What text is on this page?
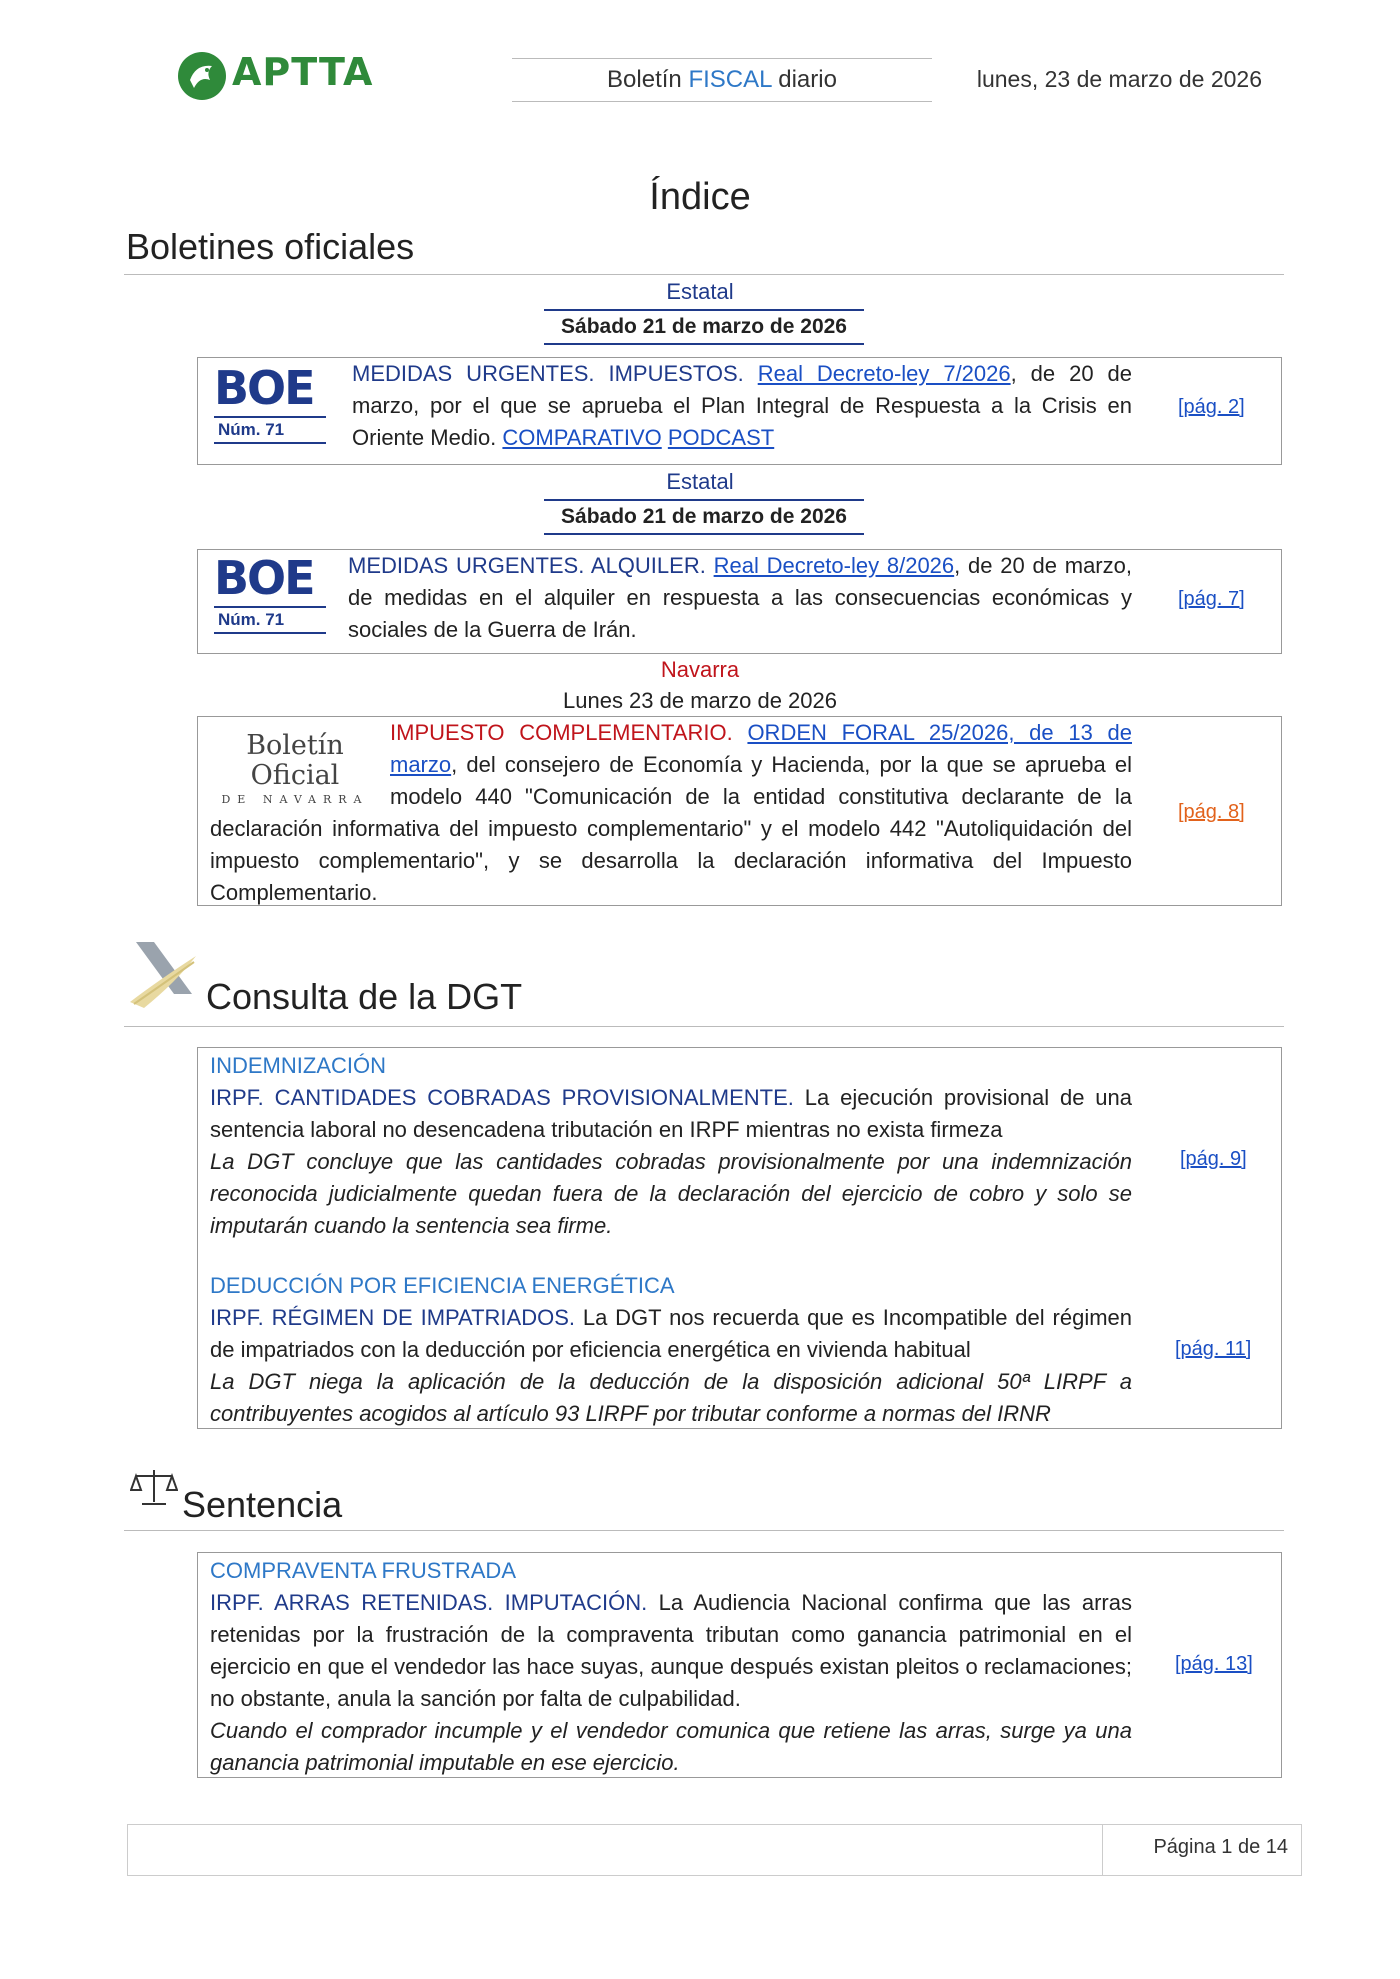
APTTA	Boletín FISCAL diario	lunes, 23 de marzo de 2026
Índice
Boletines oficiales
Estatal
Sábado 21 de marzo de 2026
BOE
Núm. 71
MEDIDAS URGENTES. IMPUESTOS. Real Decreto-ley 7/2026, de 20 de marzo, por el que se aprueba el Plan Integral de Respuesta a la Crisis en Oriente Medio. COMPARATIVO PODCAST
[pág. 2]
Estatal
Sábado 21 de marzo de 2026
BOE
Núm. 71
MEDIDAS URGENTES. ALQUILER. Real Decreto-ley 8/2026, de 20 de marzo, de medidas en el alquiler en respuesta a las consecuencias económicas y sociales de la Guerra de Irán.
[pág. 7]
Navarra
Lunes 23 de marzo de 2026
Boletín Oficial
DE NAVARRA
IMPUESTO COMPLEMENTARIO. ORDEN FORAL 25/2026, de 13 de marzo, del consejero de Economía y Hacienda, por la que se aprueba el modelo 440 "Comunicación de la entidad constitutiva declarante de la declaración informativa del impuesto complementario" y el modelo 442 "Autoliquidación del impuesto complementario", y se desarrolla la declaración informativa del Impuesto Complementario.
[pág. 8]
Consulta de la DGT
INDEMNIZACIÓN
IRPF. CANTIDADES COBRADAS PROVISIONALMENTE. La ejecución provisional de una sentencia laboral no desencadena tributación en IRPF mientras no exista firmeza
La DGT concluye que las cantidades cobradas provisionalmente por una indemnización reconocida judicialmente quedan fuera de la declaración del ejercicio de cobro y solo se imputarán cuando la sentencia sea firme.
[pág. 9]
DEDUCCIÓN POR EFICIENCIA ENERGÉTICA
IRPF. RÉGIMEN DE IMPATRIADOS. La DGT nos recuerda que es Incompatible del régimen de impatriados con la deducción por eficiencia energética en vivienda habitual
La DGT niega la aplicación de la deducción de la disposición adicional 50ª LIRPF a contribuyentes acogidos al artículo 93 LIRPF por tributar conforme a normas del IRNR
[pág. 11]
Sentencia
COMPRAVENTA FRUSTRADA
IRPF. ARRAS RETENIDAS. IMPUTACIÓN. La Audiencia Nacional confirma que las arras retenidas por la frustración de la compraventa tributan como ganancia patrimonial en el ejercicio en que el vendedor las hace suyas, aunque después existan pleitos o reclamaciones; no obstante, anula la sanción por falta de culpabilidad.
Cuando el comprador incumple y el vendedor comunica que retiene las arras, surge ya una ganancia patrimonial imputable en ese ejercicio.
[pág. 13]
Página 1 de 14
